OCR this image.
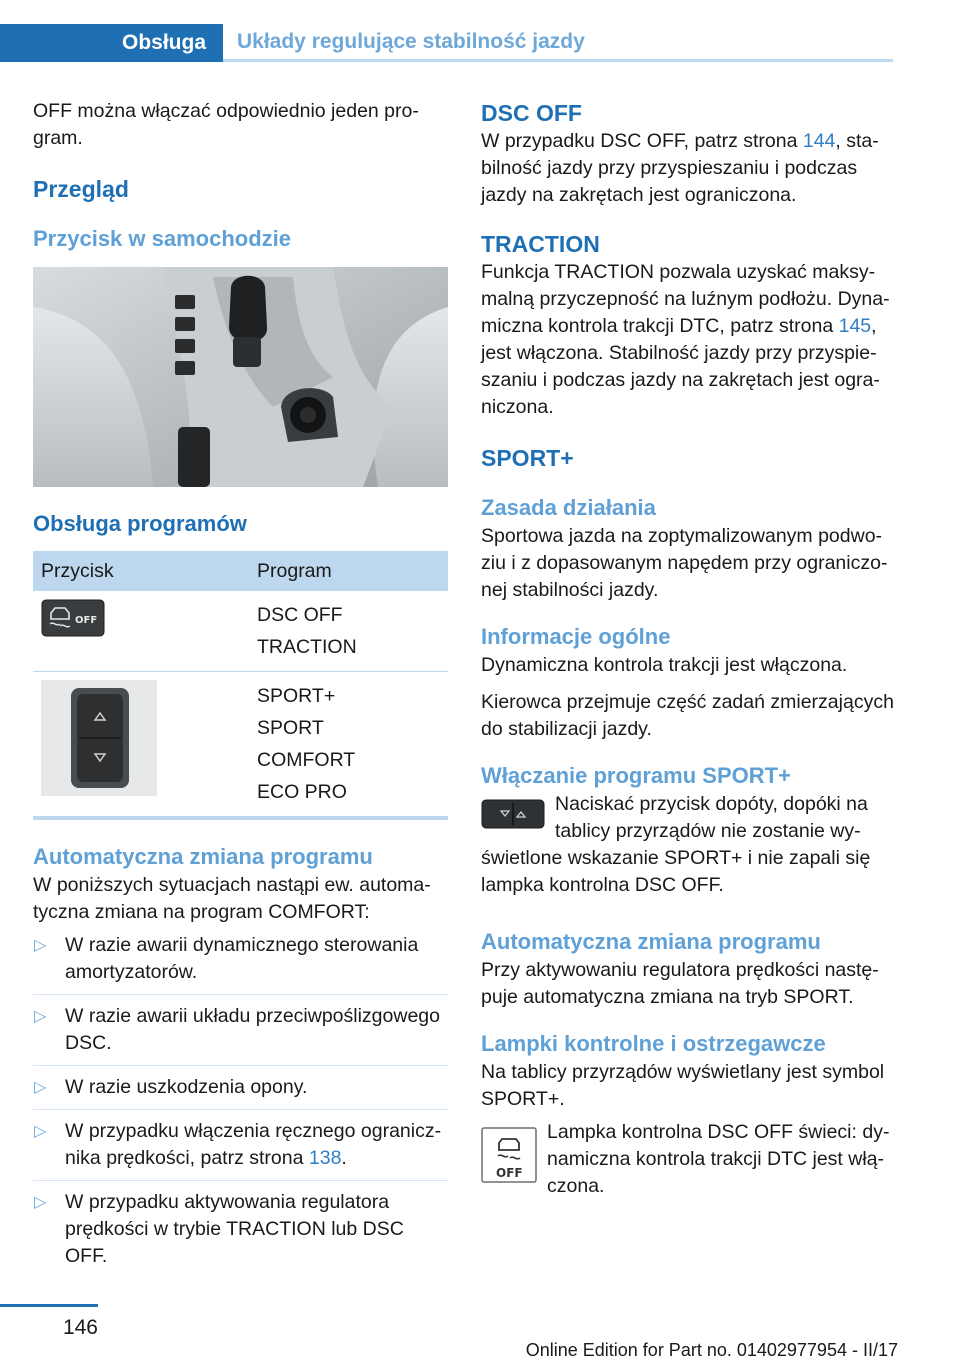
Obsługa	Układy regulujące stabilność jazdy

OFF można włączać odpowiednio jeden program.

Przegląd
Przycisk w samochodzie
Obsługa programów
Przycisk	Program

OFF	DSC OFF
TRACTION

SPORT+
SPORT
COMFORT
ECO PRO
Automatyczna zmiana programu

W poniższych sytuacjach nastąpi ew. automatyczna zmiana na program COMFORT:

▷ W razie awarii dynamicznego sterowania amortyzatorów.
▷ W razie awarii układu przeciwpoślizgowego DSC.
▷ W razie uszkodzenia opony.
▷ W przypadku włączenia ręcznego ogranicznika prędkości, patrz strona 138.
▷ W przypadku aktywowania regulatora prędkości w trybie TRACTION lub DSC OFF.
DSC OFF

W przypadku DSC OFF, patrz strona 144, stabilność jazdy przy przyspieszaniu i podczas jazdy na zakrętach jest ograniczona.

TRACTION

Funkcja TRACTION pozwala uzyskać maksymalną przyczepność na luźnym podłożu. Dynamiczna kontrola trakcji DTC, patrz strona 145, jest włączona. Stabilność jazdy przy przyspieszaniu i podczas jazdy na zakrętach jest ograniczona.

SPORT+
Zasada działania

Sportowa jazda na zoptymalizowanym podwoziu i z dopasowanym napędem przy ograniczonej stabilności jazdy.

Informacje ogólne

Dynamiczna kontrola trakcji jest włączona.

Kierowca przejmuje część zadań zmierzających do stabilizacji jazdy.

Włączanie programu SPORT+

Naciskać przycisk dopóty, dopóki na tablicy przyrządów nie zostanie wyświetlone wskazanie SPORT+ i nie zapali się lampka kontrolna DSC OFF.

Automatyczna zmiana programu

Przy aktywowaniu regulatora prędkości następuje automatyczna zmiana na tryb SPORT.

Lampki kontrolne i ostrzegawcze

Na tablicy przyrządów wyświetlany jest symbol SPORT+.

OFF

Lampka kontrolna DSC OFF świeci: dynamiczna kontrola trakcji DTC jest włączona.

146
Online Edition for Part no. 01402977954 - II/17
